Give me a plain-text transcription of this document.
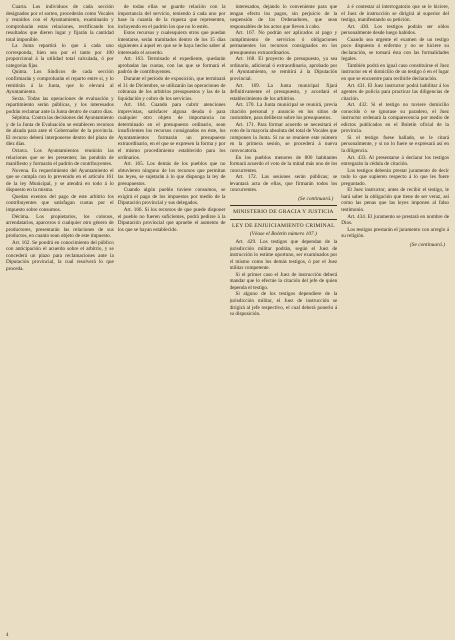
Cuarta. Los individuos de cada sección designados por el sorteo, procederán como Vocales y reunidos con el Ayuntamiento, examinarán y comprobarán estas relaciones, rectificando los resultados que dieren lugar y fijarán la cantidad total imponible.

La Junta repartirá lo que á cada uno corresponda, bien sea por el tanto por 100 proporcional á la utilidad total calculada, ó por categorías fijas.

Quinta. Los Síndicos de cada sección confirmarán y comprobarán el reparto entre sí, y lo remitirán á la Junta, que lo elevará al Ayuntamiento.

Sexta. Todas las operaciones de evaluación y repartimiento serán públicas, y los interesados podrán reclamar ante la Junta dentro de cuatro días.

Séptima. Contra las decisiones del Ayuntamiento y de la Junta de Evaluación se establecen recursos de alzada para ante el Gobernador de la provincia. El recurso deberá interponerse dentro del plazo de diez días.

Octava. Los Ayuntamientos reunirán las relaciones que se les presenten; las pondrán de manifiesto y formarán el padrón de contribuyentes.

Novena. Es requerimiento del Ayuntamiento el que se cumpla con lo prevenido en el artículo 161 de la ley Municipal, y se atendrá en todo á lo dispuesto en la misma.

Quedan exentos del pago de este arbitrio los contribuyentes que satisfagan cuotas por el impuesto sobre consumos.

Décima. Los propietarios, los colonos, arrendatarios, aparceros ó cualquier otro género de productores, presentarán las relaciones de sus productos, en cuanto sean objeto de este impuesto.

Art. 162. Se pondrá en conocimiento del público con anticipación el acuerdo sobre el arbitrio, y se concederá un plazo para reclamaciones ante la Diputación provincial, la cual resolverá lo que proceda.

de todas ellas se guarde relación con la importancia del servicio, teniendo á cada uno por base la cuantía de la riqueza que representen, incluyendo en el padrón los que no lo estén.

Estos recursos y cualesquiera otros que puedan intentarse, serán tramitados dentro de los 15 días siguientes á aquel en que se le haya hecho saber al interesado el acuerdo.

Art. 163. Terminado el expediente, quedarán aprobadas las cuotas, con las que se formará el padrón de contribuyentes.

Durante el período de exposición, que terminará el 31 de Diciembre, se utilizarán las operaciones de cobranza de los arbitrios presupuestos y las de la liquidación y cobro de los servicios.

Art. 164. Cuando para cubrir atenciones imprevistas, satisfacer alguna deuda ó para cualquier otro objeto de importancia no determinado en el presupuesto ordinario, sean insuficientes los recursos consignados en éste, los Ayuntamientos formarán un presupuesto extraordinario, en el que se expresen la forma y por el mismo procedimiento establecido para los ordinarios.

Art. 165. Los demás de los pueblos que no obtuvieren ninguno de los recursos que permitan las leyes, se sujetarán á lo que disponga la ley de presupuestos.

Cuando algún pueblo tuviere consumos, se exigirá el pago de los impuestos por medio de la Diputación provincial y sus delegados.

Art. 166. Si los recursos de que puede disponer el pueblo no fueren suficientes, podrá pedirse á la Diputación provincial que apruebe el aumento de los que se hayan establecido.

interesados, dejando lo conveniente para que tengan efecto los pagos, sin perjuicio de la suspensión de los Ordenadores, que sean responsables de los actos que lleven á cabo.

Art. 167. No podrán ser aplicados al pago y cumplimiento de servicios ó obligaciones permanentes los recursos consignados en los presupuestos extraordinarios.

Art. 168. El proyecto de presupuesto, ya sea ordinario, adicional ó extraordinario, aprobado por el Ayuntamiento, se remitirá á la Diputación provincial.

Art. 169. La Junta municipal fijará definitivamente el presupuesto, y acordará el establecimiento de los arbitrios.

Art. 170. La Junta municipal se reunirá, previa citación personal y anuncio en los sitios de costumbre, para deliberar sobre los presupuestos.

Art. 171. Para formar acuerdo se necesitará el voto de la mayoría absoluta del total de Vocales que componen la Junta. Si no se reuniere este número en la primera sesión, se procederá á nueva convocatoria.

En los pueblos menores de 800 habitantes formará acuerdo el voto de la mitad más uno de los concurrentes.

Art. 172. Las sesiones serán públicas; se levantará acta de ellas, que firmarán todos los concurrentes.

(Se continuará.)
MINISTERIO DE GRACIA Y JUSTICIA
LEY DE ENJUICIAMIENTO CRIMINAL
(Véase el Boletín número 107.)

Art. 429. Los testigos que dependan de la jurisdicción militar podrán, según el Juez de instrucción lo estime oportuno, ser examinados por el mismo como los demás testigos, ó por el Juez militar competente.

Si el primer caso el Juez de instrucción deberá mandar que lo efectúe la citación del jefe de quien dependa el testigo.

Si alguno de los testigos dependiere de la jurisdicción militar, el Juez de instrucción se dirigirá al jefe respectivo, el cual deberá ponerlo á su disposición.

á é contestar al interrogatorio que se le hiciere, el Juez de instrucción se dirigirá al superior del testigo, manifestando su petición.

Art. 430. Los testigos podrán ser oídos personalmente desde luego habidos.

Cuando sea urgente el examen de un testigo poco dispuesto ó enfermo y no se hiciere su declaración, se tomará ésta con las formalidades legales.

También podrá en igual caso constituirse el Juez instructor en el domicilio de un testigo ó en el lugar en que se encuentre para recibirle declaración.

Art. 431. El Juez instructor podrá habilitar á los agentes de policía para practicar las diligencias de citación.

Art. 432. Si el testigo no tuviere domicilio conocido ó se ignorase su paradero, el Juez instructor ordenará la comparecencia por medio de edictos publicados en el Boletín oficial de la provincia.

Si el testigo fuese hallado, se le citará personalmente, y si no lo fuere se expresará así en la diligencia.

Art. 433. Al presentarse á declarar los testigos entregarán la cédula de citación.

Los testigos deberán prestar juramento de decir todo lo que supieren respecto á lo que les fuere preguntado.

El Juez instructor, antes de recibir el testigo, le hará saber la obligación que tiene de ser veraz, así como las penas que las leyes imponen al falso testimonio.

Art. 434. El juramento se prestará en nombre de Dios.

Los testigos prestarán el juramento con arreglo á su religión.

(Se continuará.)
4
